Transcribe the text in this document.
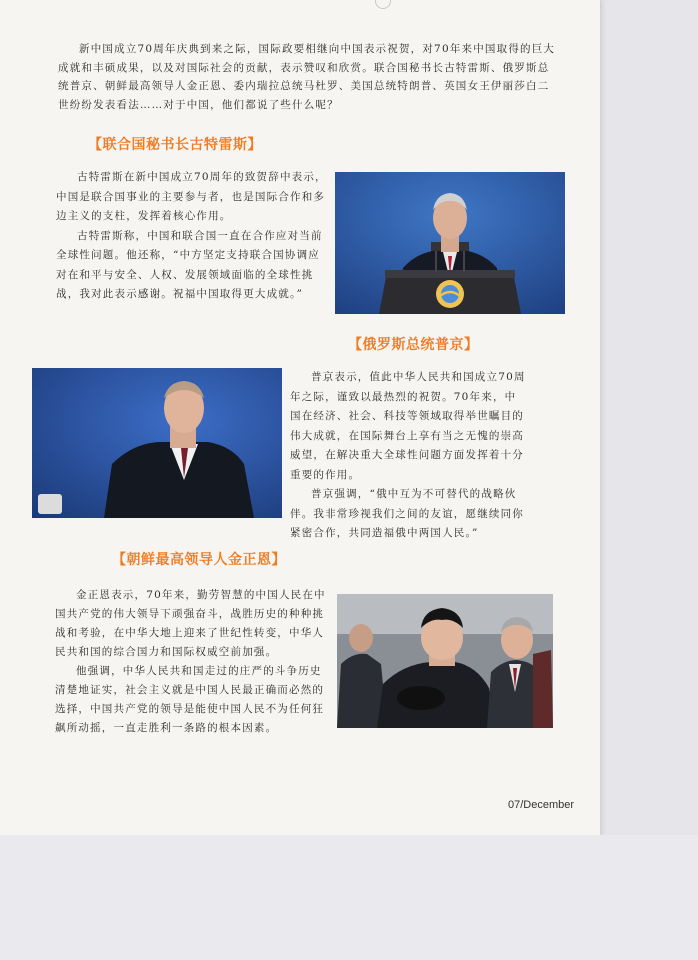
新中国成立70周年庆典到来之际，国际政要相继向中国表示祝贺，对70年来中国取得的巨大成就和丰硕成果，以及对国际社会的贡献，表示赞叹和欣赏。联合国秘书长古特雷斯、俄罗斯总统普京、朝鲜最高领导人金正恩、委内瑞拉总统马杜罗、美国总统特朗普、英国女王伊丽莎白二世纷纷发表看法……对于中国，他们都说了些什么呢？

【联合国秘书长古特雷斯】

古特雷斯在新中国成立70周年的致贺辞中表示，中国是联合国事业的主要参与者，也是国际合作和多边主义的支柱，发挥着核心作用。

古特雷斯称，中国和联合国一直在合作应对当前全球性问题。他还称，“中方坚定支持联合国协调应对在和平与安全、人权、发展领域面临的全球性挑战，我对此表示感谢。祝福中国取得更大成就。”

【俄罗斯总统普京】

普京表示，值此中华人民共和国成立70周年之际，谨致以最热烈的祝贺。70年来，中国在经济、社会、科技等领域取得举世瞩目的伟大成就，在国际舞台上享有当之无愧的崇高威望，在解决重大全球性问题方面发挥着十分重要的作用。

普京强调，“俄中互为不可替代的战略伙伴。我非常珍视我们之间的友谊，愿继续同你紧密合作，共同造福俄中两国人民。”

【朝鲜最高领导人金正恩】

金正恩表示，70年来，勤劳智慧的中国人民在中国共产党的伟大领导下顽强奋斗，战胜历史的种种挑战和考验，在中华大地上迎来了世纪性转变，中华人民共和国的综合国力和国际权威空前加强。

他强调，中华人民共和国走过的庄严的斗争历史清楚地证实，社会主义就是中国人民最正确而必然的选择，中国共产党的领导是能使中国人民不为任何狂飙所动摇，一直走胜利一条路的根本因素。

07/December
